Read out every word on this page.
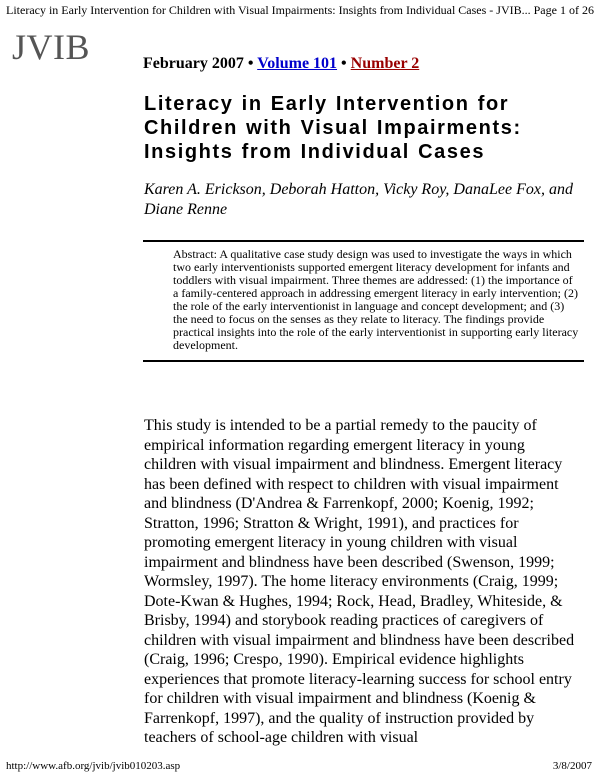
Literacy in Early Intervention for Children with Visual Impairments: Insights from Individual Cases - JVIB... Page 1 of 26
JVIB	February 2007 • Volume 101 • Number 2
Literacy in Early Intervention for Children with Visual Impairments: Insights from Individual Cases
Karen A. Erickson, Deborah Hatton, Vicky Roy, DanaLee Fox, and Diane Renne
Abstract: A qualitative case study design was used to investigate the ways in which two early interventionists supported emergent literacy development for infants and toddlers with visual impairment. Three themes are addressed: (1) the importance of a family-centered approach in addressing emergent literacy in early intervention; (2) the role of the early interventionist in language and concept development; and (3) the need to focus on the senses as they relate to literacy. The findings provide practical insights into the role of the early interventionist in supporting early literacy development.

This study is intended to be a partial remedy to the paucity of empirical information regarding emergent literacy in young children with visual impairment and blindness. Emergent literacy has been defined with respect to children with visual impairment and blindness (D'Andrea & Farrenkopf, 2000; Koenig, 1992; Stratton, 1996; Stratton & Wright, 1991), and practices for promoting emergent literacy in young children with visual impairment and blindness have been described (Swenson, 1999; Wormsley, 1997). The home literacy environments (Craig, 1999; Dote-Kwan & Hughes, 1994; Rock, Head, Bradley, Whiteside, & Brisby, 1994) and storybook reading practices of caregivers of children with visual impairment and blindness have been described (Craig, 1996; Crespo, 1990). Empirical evidence highlights experiences that promote literacy-learning success for school entry for children with visual impairment and blindness (Koenig & Farrenkopf, 1997), and the quality of instruction provided by teachers of school-age children with visual

http://www.afb.org/jvib/jvib010203.asp	3/8/2007
